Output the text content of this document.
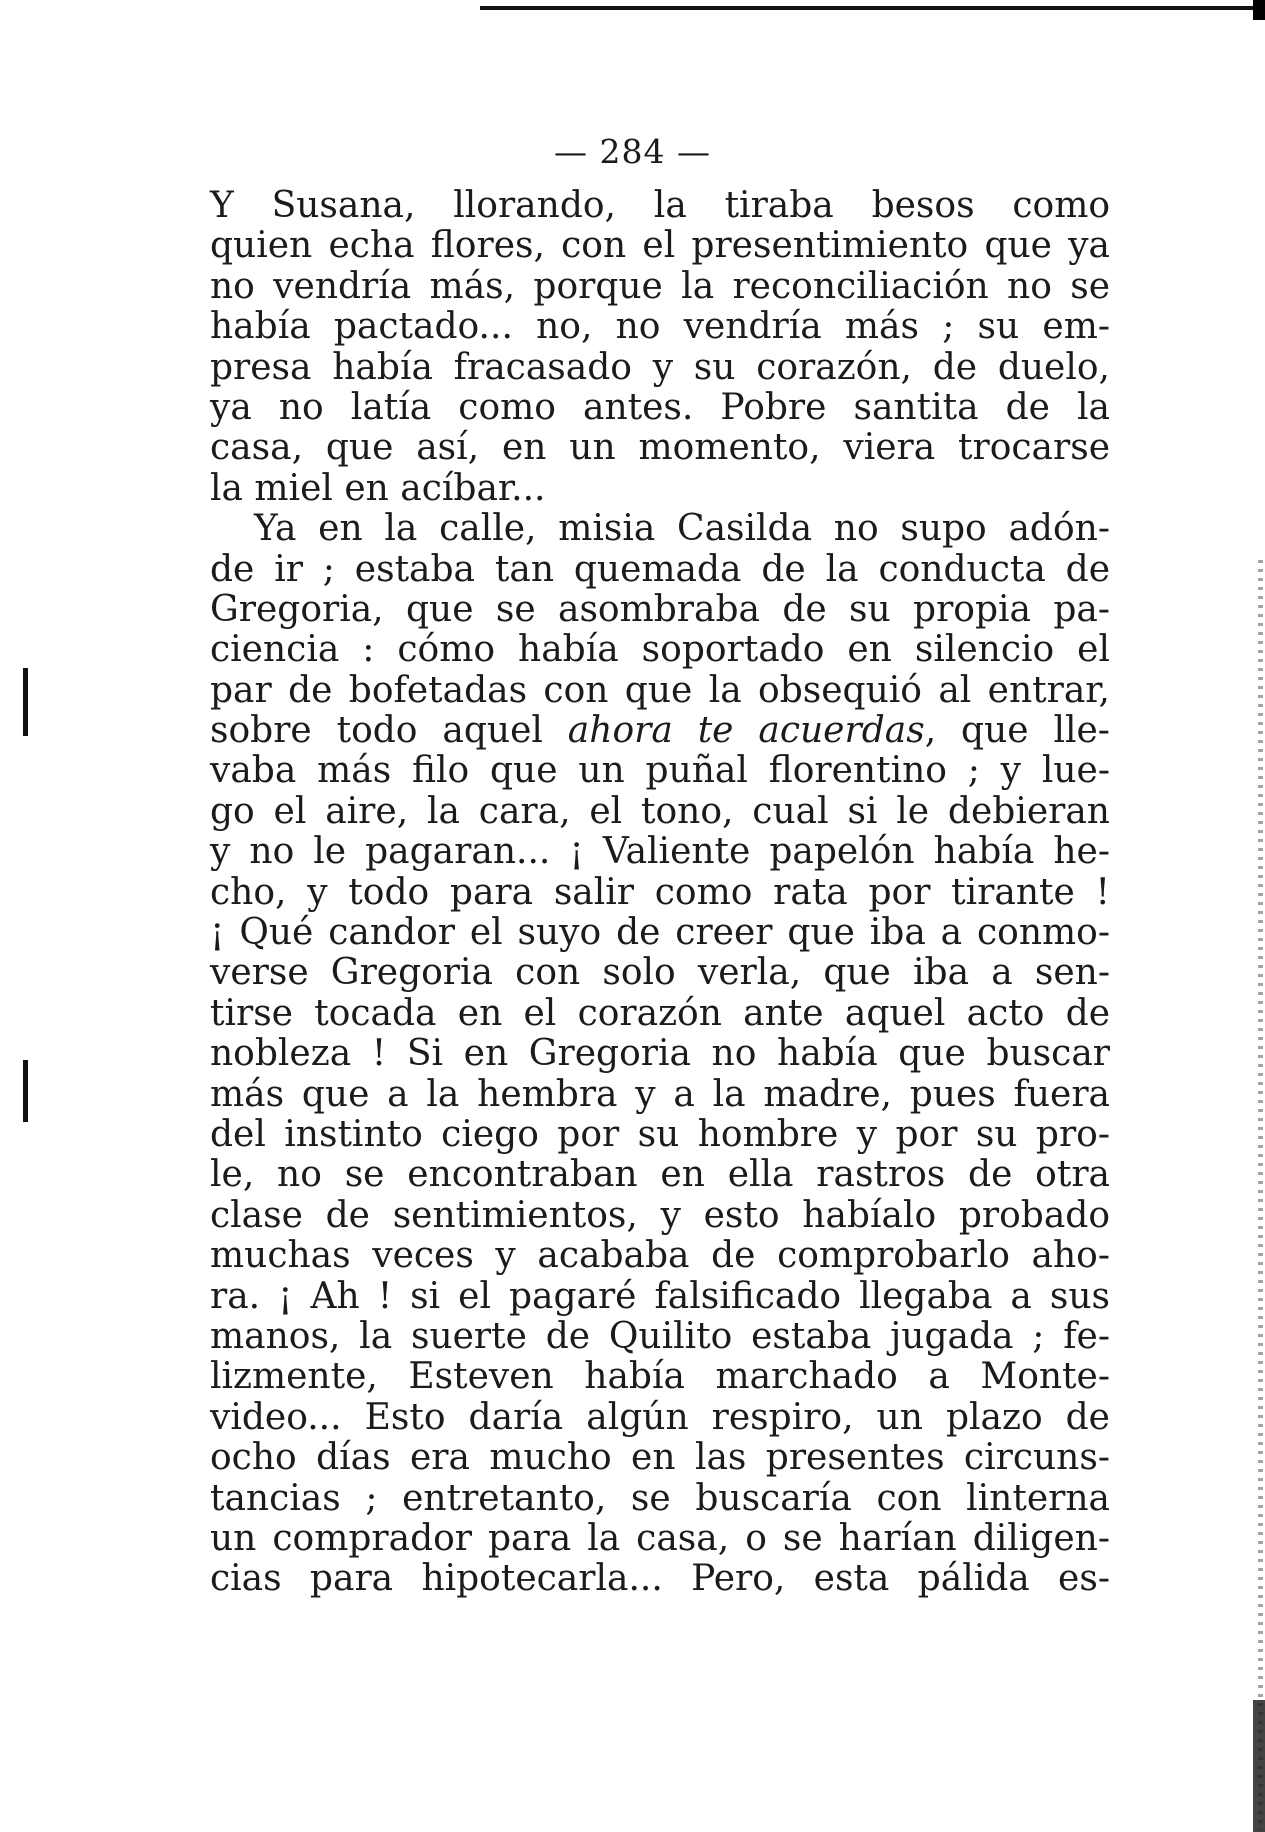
— 284 —
Y Susana, llorando, la tiraba besos como
quien echa flores, con el presentimiento que ya
no vendría más, porque la reconciliación no se
había pactado... no, no vendría más ; su em-
presa había fracasado y su corazón, de duelo,
ya no latía como antes. Pobre santita de la
casa, que así, en un momento, viera trocarse
la miel en acíbar...
Ya en la calle, misia Casilda no supo adón-
de ir ; estaba tan quemada de la conducta de
Gregoria, que se asombraba de su propia pa-
ciencia : cómo había soportado en silencio el
par de bofetadas con que la obsequió al entrar,
sobre todo aquel ahora te acuerdas, que lle-
vaba más filo que un puñal florentino ; y lue-
go el aire, la cara, el tono, cual si le debieran
y no le pagaran... ¡ Valiente papelón había he-
cho, y todo para salir como rata por tirante !
¡ Qué candor el suyo de creer que iba a conmo-
verse Gregoria con solo verla, que iba a sen-
tirse tocada en el corazón ante aquel acto de
nobleza ! Si en Gregoria no había que buscar
más que a la hembra y a la madre, pues fuera
del instinto ciego por su hombre y por su pro-
le, no se encontraban en ella rastros de otra
clase de sentimientos, y esto habíalo probado
muchas veces y acababa de comprobarlo aho-
ra. ¡ Ah ! si el pagaré falsificado llegaba a sus
manos, la suerte de Quilito estaba jugada ; fe-
lizmente, Esteven había marchado a Monte-
video... Esto daría algún respiro, un plazo de
ocho días era mucho en las presentes circuns-
tancias ; entretanto, se buscaría con linterna
un comprador para la casa, o se harían diligen-
cias para hipotecarla... Pero, esta pálida es-
